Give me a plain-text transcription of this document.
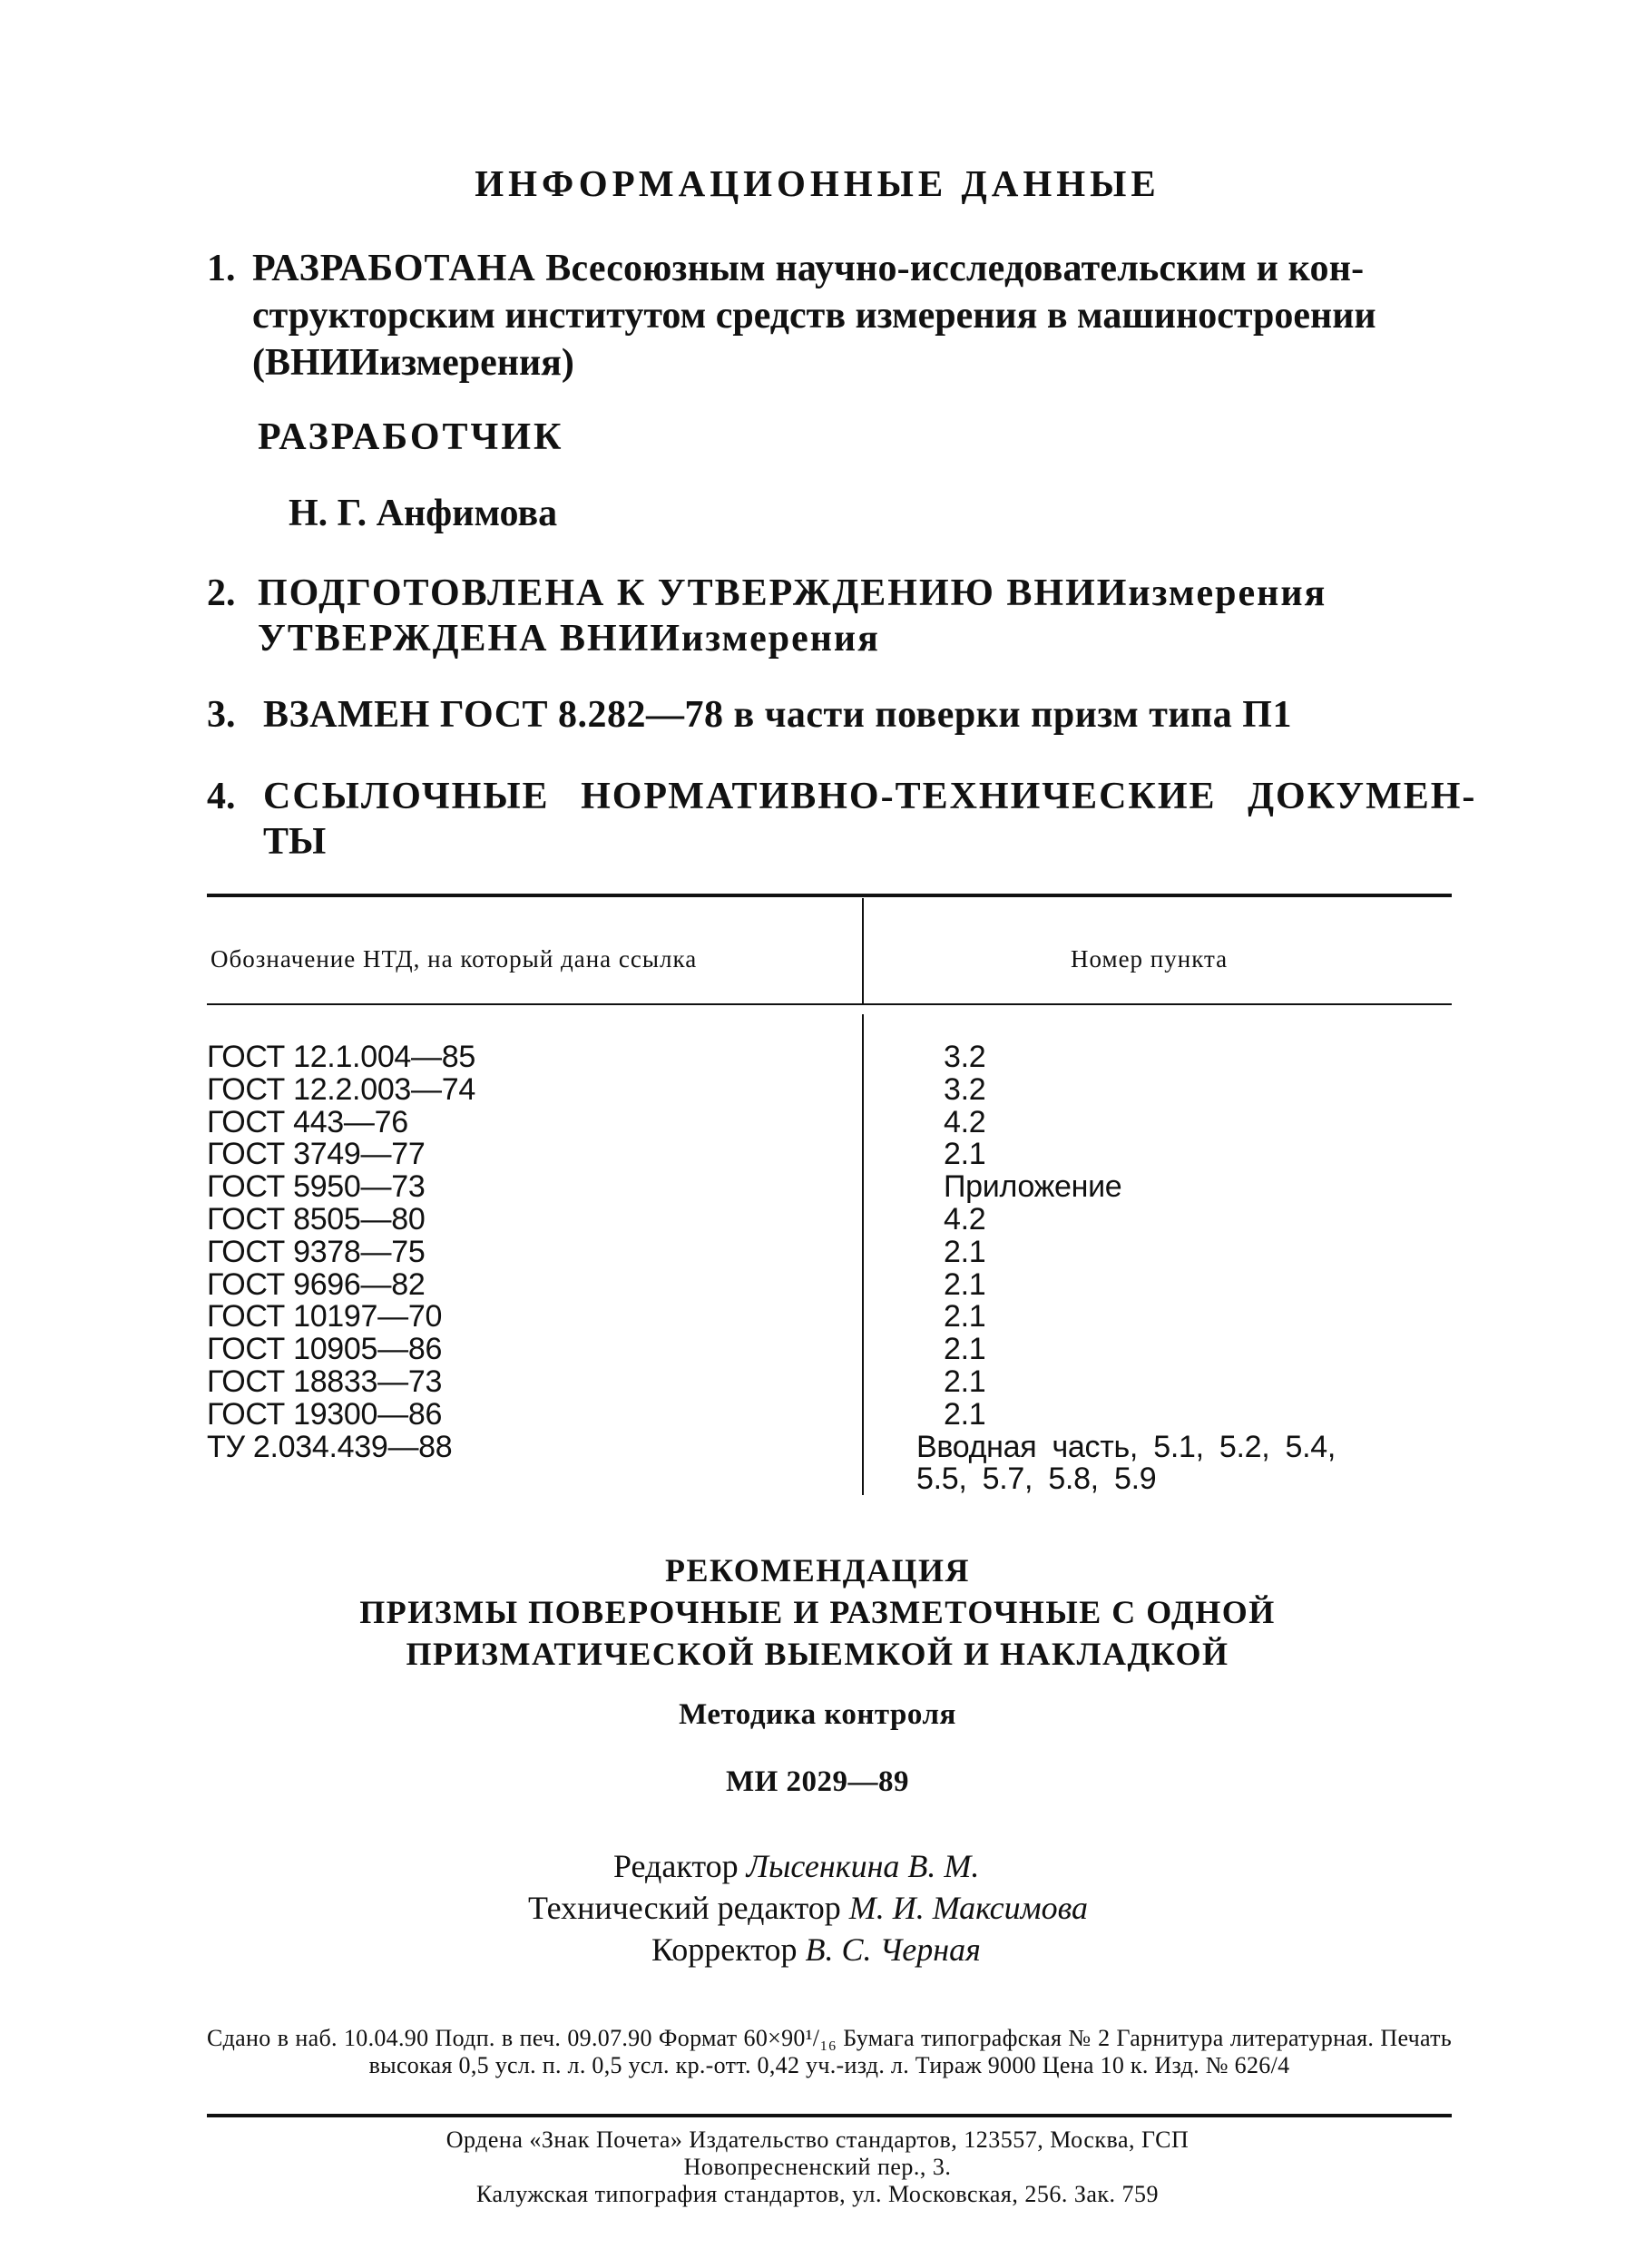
ИНФОРМАЦИОННЫЕ ДАННЫЕ
1. РАЗРАБОТАНА Всесоюзным научно-исследовательским и кон-
структорским институтом средств измерения в машиностроении
(ВНИИизмерения)
РАЗРАБОТЧИК
Н. Г. Анфимова
2. ПОДГОТОВЛЕНА К УТВЕРЖДЕНИЮ ВНИИизмерения
УТВЕРЖДЕНА ВНИИизмерения
3. ВЗАМЕН ГОСТ 8.282—78 в части поверки призм типа П1
4. ССЫЛОЧНЫЕ НОРМАТИВНО-ТЕХНИЧЕСКИЕ ДОКУМЕН-
ТЫ
Обозначение НТД, на который дана ссылка	Номер пункта
ГОСТ 12.1.004—85
ГОСТ 12.2.003—74
ГОСТ 443—76
ГОСТ 3749—77
ГОСТ 5950—73
ГОСТ 8505—80
ГОСТ 9378—75
ГОСТ 9696—82
ГОСТ 10197—70
ГОСТ 10905—86
ГОСТ 18833—73
ГОСТ 19300—86
ТУ 2.034.439—88
3.2
3.2
4.2
2.1
Приложение
4.2
2.1
2.1
2.1
2.1
2.1
2.1
Вводная часть, 5.1, 5.2, 5.4, 5.5, 5.7, 5.8, 5.9
РЕКОМЕНДАЦИЯ
ПРИЗМЫ ПОВЕРОЧНЫЕ И РАЗМЕТОЧНЫЕ С ОДНОЙ
ПРИЗМАТИЧЕСКОЙ ВЫЕМКОЙ И НАКЛАДКОЙ
Методика контроля
МИ 2029—89
Редактор Лысенкина В. М.
Технический редактор М. И. Максимова
Корректор В. С. Черная
Сдано в наб. 10.04.90 Подп. в печ. 09.07.90 Формат 60×90¹/₁₆ Бумага типографская № 2 Гарнитура литературная. Печать высокая 0,5 усл. п. л. 0,5 усл. кр.-отт. 0,42 уч.-изд. л. Тираж 9000 Цена 10 к. Изд. № 626/4
Ордена «Знак Почета» Издательство стандартов, 123557, Москва, ГСП
Новопресненский пер., 3.
Калужская типография стандартов, ул. Московская, 256. Зак. 759
